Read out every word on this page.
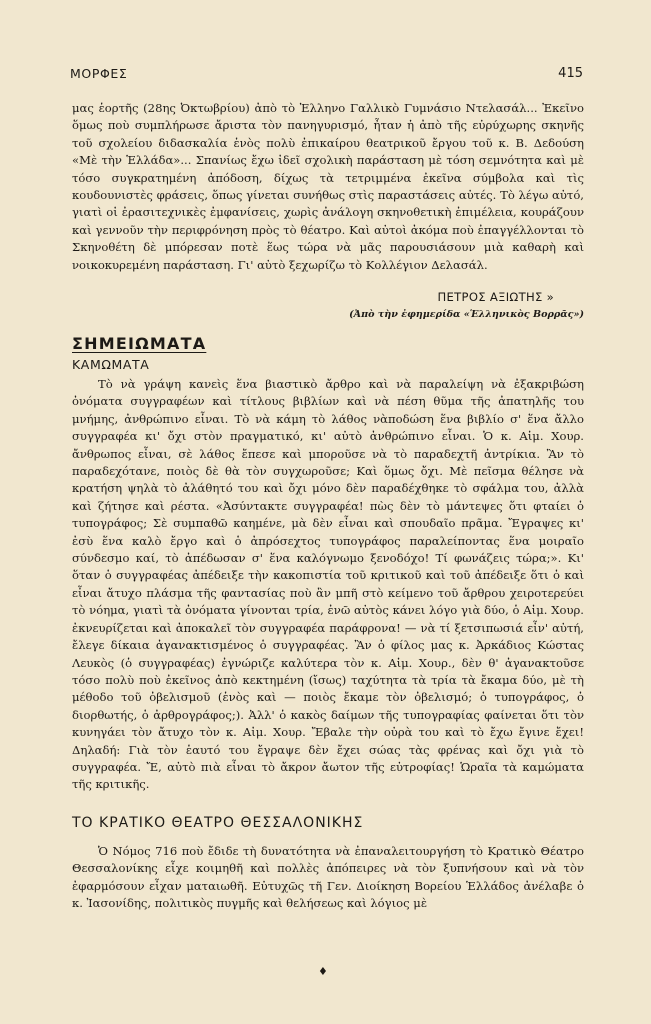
ΜΟΡΦΕΣ	415

μας ἑορτῆς (28ης Ὀκτωβρίου) ἀπὸ τὸ Ἑλληνο Γαλλικὸ Γυμνάσιο Ντελασάλ... Ἐκεῖνο ὅμως ποὺ συμπλήρωσε ἄριστα τὸν πανηγυρισμό, ἦταν ἡ ἀπὸ τῆς εὐρύχωρης σκηνῆς τοῦ σχολείου διδασκαλία ἑνὸς πολὺ ἐπικαίρου θεατρικοῦ ἔργου τοῦ κ. Β. Δεδούση «Μὲ τὴν Ἑλλάδα»... Σπανίως ἔχω ἰδεῖ σχολικὴ παράσταση μὲ τόση σεμνότητα καὶ μὲ τόσο συγκρατημένη ἀπόδοση, δίχως τὰ τετριμμένα ἐκεῖνα σύμβολα καὶ τὶς κουδουνιστὲς φράσεις, ὅπως γίνεται συνήθως στὶς παραστάσεις αὐτές. Τὸ λέγω αὐτό, γιατὶ οἱ ἐρασιτεχνικὲς ἐμφανίσεις, χωρὶς ἀνάλογη σκηνοθετικὴ ἐπιμέλεια, κουράζουν καὶ γεννοῦν τὴν περιφρόνηση πρὸς τὸ θέατρο. Καὶ αὐτοὶ ἀκόμα ποὺ ἐπαγγέλλονται τὸ Σκηνοθέτη δὲ μπόρεσαν ποτὲ ἕως τώρα νὰ μᾶς παρουσιάσουν μιὰ καθαρὴ καὶ νοικοκυρεμένη παράσταση. Γι' αὐτὸ ξεχωρίζω τὸ Κολλέγιον Δελασάλ.

ΠΕΤΡΟΣ ΑΞΙΩΤΗΣ »
(Ἀπὸ τὴν ἐφημερίδα «Ἑλληνικὸς Βορρᾶς»)
ΣΗΜΕΙΩΜΑΤΑ
ΚΑΜΩΜΑΤΑ

Τὸ νὰ γράψη κανεὶς ἕνα βιαστικὸ ἄρθρο καὶ νὰ παραλείψη νὰ ἐξακριβώση ὀνόματα συγγραφέων καὶ τίτλους βιβλίων καὶ νὰ πέση θῦμα τῆς ἀπατηλῆς του μνήμης, ἀνθρώπινο εἶναι. Τὸ νὰ κάμη τὸ λάθος νὰποδώση ἕνα βιβλίο σ' ἕνα ἄλλο συγγραφέα κι' ὄχι στὸν πραγματικό, κι' αὐτὸ ἀνθρώπινο εἶναι. Ὁ κ. Αἰμ. Χουρ. ἄνθρωπος εἶναι, σὲ λάθος ἔπεσε καὶ μποροῦσε νὰ τὸ παραδεχτῆ ἀντρίκια. Ἂν τὸ παραδεχότανε, ποιὸς δὲ θὰ τὸν συγχωροῦσε; Καὶ ὅμως ὄχι. Μὲ πεῖσμα θέλησε νὰ κρατήση ψηλὰ τὸ ἀλάθητό του καὶ ὄχι μόνο δὲν παραδέχθηκε τὸ σφάλμα του, ἀλλὰ καὶ ζήτησε καὶ ρέστα. «Ἀσύντακτε συγγραφέα! πὼς δὲν τὸ μάντεψες ὅτι φταίει ὁ τυπογράφος; Σὲ συμπαθῶ καημένε, μὰ δὲν εἶναι καὶ σπουδαῖο πρᾶμα. Ἔγραψες κι' ἐσὺ ἕνα καλὸ ἔργο καὶ ὁ ἀπρόσεχτος τυπογράφος παραλείποντας ἕνα μοιραῖο σύνδεσμο καί, τὸ ἀπέδωσαν σ' ἕνα καλόγνωμο ξενοδόχο! Τί φωνάζεις τώρα;». Κι' ὅταν ὁ συγγραφέας ἀπέδειξε τὴν κακοπιστία τοῦ κριτικοῦ καὶ τοῦ ἀπέδειξε ὅτι ὁ καὶ εἶναι ἄτυχο πλάσμα τῆς φαντασίας ποὺ ἂν μπῆ στὸ κείμενο τοῦ ἄρθρου χειροτερεύει τὸ νόημα, γιατὶ τὰ ὀνόματα γίνονται τρία, ἐνῶ αὐτὸς κάνει λόγο γιὰ δύο, ὁ Αἰμ. Χουρ. ἐκνευρίζεται καὶ ἀποκαλεῖ τὸν συγγραφέα παράφρονα! — νὰ τί ξετσιπωσιά εἶν' αὐτή, ἔλεγε δίκαια ἀγανακτισμένος ὁ συγγραφέας. Ἂν ὁ φίλος μας κ. Ἀρκάδιος Κώστας Λευκὸς (ὁ συγγραφέας) ἐγνώριζε καλύτερα τὸν κ. Αἰμ. Χουρ., δὲν θ' ἀγανακτοῦσε τόσο πολὺ ποὺ ἐκεῖνος ἀπὸ κεκτημένη (ἴσως) ταχύτητα τὰ τρία τὰ ἔκαμα δύο, μὲ τὴ μέθοδο τοῦ ὀβελισμοῦ (ἑνὸς καὶ — ποιὸς ἔκαμε τὸν ὀβελισμό; ὁ τυπογράφος, ὁ διορθωτής, ὁ ἀρθρογράφος;). Ἀλλ' ὁ κακὸς δαίμων τῆς τυπογραφίας φαίνεται ὅτι τὸν κυνηγάει τὸν ἄτυχο τὸν κ. Αἰμ. Χουρ. Ἔβαλε τὴν οὐρὰ του καὶ τὸ ἔχω ἔγινε ἔχει! Δηλαδή: Γιὰ τὸν ἑαυτό του ἔγραψε δὲν ἔχει σώας τὰς φρένας καὶ ὄχι γιὰ τὸ συγγραφέα. Ἔ, αὐτὸ πιὰ εἶναι τὸ ἄκρον ἄωτον τῆς εὐτροφίας! Ὡραῖα τὰ καμώματα τῆς κριτικῆς.

ΤΟ ΚΡΑΤΙΚΟ ΘΕΑΤΡΟ ΘΕΣΣΑΛΟΝΙΚΗΣ

Ὁ Νόμος 716 ποὺ ἔδιδε τὴ δυνατότητα νὰ ἐπαναλειτουργήση τὸ Κρατικὸ Θέατρο Θεσσαλονίκης εἶχε κοιμηθῆ καὶ πολλὲς ἀπόπειρες νὰ τὸν ξυπνήσουν καὶ νὰ τὸν ἐφαρμόσουν εἶχαν ματαιωθῆ. Εὐτυχῶς τῆ Γεν. Διοίκηση Βορείου Ἑλλάδος ἀνέλαβε ὁ κ. Ἰασονίδης, πολιτικὸς πυγμῆς καὶ θελήσεως καὶ λόγιος μὲ

♦
